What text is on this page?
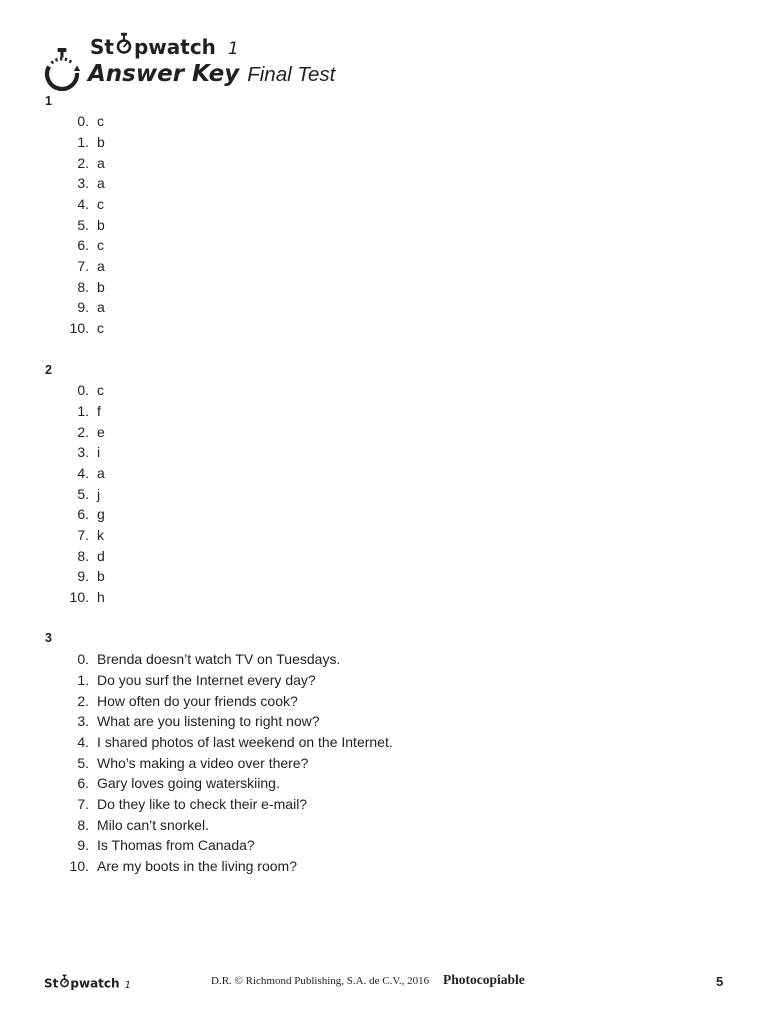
St pwatch 1
Answer Key Final Test
1
0. c
1. b
2. a
3. a
4. c
5. b
6. c
7. a
8. b
9. a
10. c
2
0. c
1. f
2. e
3. i
4. a
5. j
6. g
7. k
8. d
9. b
10. h
3
0. Brenda doesn’t watch TV on Tuesdays.
1. Do you surf the Internet every day?
2. How often do your friends cook?
3. What are you listening to right now?
4. I shared photos of last weekend on the Internet.
5. Who’s making a video over there?
6. Gary loves going waterskiing.
7. Do they like to check their e-mail?
8. Milo can’t snorkel.
9. Is Thomas from Canada?
10. Are my boots in the living room?
St pwatch 1	D.R. © Richmond Publishing, S.A. de C.V., 2016 Photocopiable	5
